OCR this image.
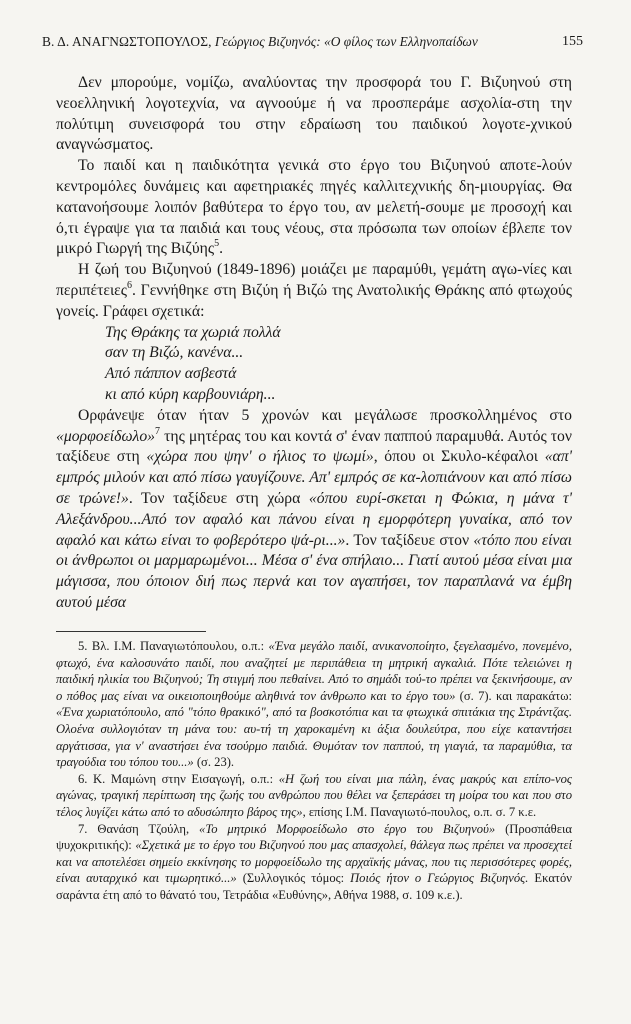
Β. Δ. ΑΝΑΓΝΩΣΤΟΠΟΥΛΟΣ, Γεώργιος Βιζυηνός: «Ο φίλος των Ελληνοπαίδων	155

Δεν μπορούμε, νομίζω, αναλύοντας την προσφορά του Γ. Βιζυηνού στη νεοελληνική λογοτεχνία, να αγνοούμε ή να προσπεράμε ασχολία-στη την πολύτιμη συνεισφορά του στην εδραίωση του παιδικού λογοτε-χνικού αναγνώσματος.

Το παιδί και η παιδικότητα γενικά στο έργο του Βιζυηνού αποτε-λούν κεντρομόλες δυνάμεις και αφετηριακές πηγές καλλιτεχνικής δη-μιουργίας. Θα κατανοήσουμε λοιπόν βαθύτερα το έργο του, αν μελετή-σουμε με προσοχή και ό,τι έγραψε για τα παιδιά και τους νέους, στα πρόσωπα των οποίων έβλεπε τον μικρό Γιωργή της Βιζύης$^5$.

Η ζωή του Βιζυηνού (1849-1896) μοιάζει με παραμύθι, γεμάτη αγω-νίες και περιπέτειες$^6$. Γεννήθηκε στη Βιζύη ή Βιζώ της Ανατολικής Θράκης από φτωχούς γονείς. Γράφει σχετικά:

Της Θράκης τα χωριά πολλά
σαν τη Βιζώ, κανένα...
Από πάππον ασβεστά
κι από κύρη καρβουνιάρη...

Ορφάνεψε όταν ήταν 5 χρονών και μεγάλωσε προσκολλημένος στο «μορφοείδωλο»$^7$ της μητέρας του και κοντά σ' έναν παππού παραμυθά. Αυτός τον ταξίδευε στη «χώρα που ψην' ο ήλιος το ψωμί», όπου οι Σκυλο-κέφαλοι «απ' εμπρός μιλούν και από πίσω γαυγίζουνε. Απ' εμπρός σε κα-λοπιάνουν και από πίσω σε τρώνε!». Τον ταξίδευε στη χώρα «όπου ευρί-σκεται η Φώκια, η μάνα τ' Αλεξάνδρου...Από τον αφαλό και πάνου είναι η εμορφότερη γυναίκα, από τον αφαλό και κάτω είναι το φοβερότερο ψά-ρι...». Τον ταξίδευε στον «τόπο που είναι οι άνθρωποι οι μαρμαρωμένοι... Μέσα σ' ένα σπήλαιο... Γιατί αυτού μέσα είναι μια μάγισσα, που όποιον διή πως περνά και τον αγαπήσει, τον παραπλανά να έμβη αυτού μέσα

5. Βλ. Ι.Μ. Παναγιωτόπουλου, ο.π.: «Ένα μεγάλο παιδί, ανικανοποίητο, ξεγελασμένο, πονεμένο, φτωχό, ένα καλοσυνάτο παιδί, που αναζητεί με περιπάθεια τη μητρική αγκαλιά. Πότε τελειώνει η παιδική ηλικία του Βιζυηνού; Τη στιγμή που πεθαίνει. Από το σημάδι τού-το πρέπει να ξεκινήσουμε, αν ο πόθος μας είναι να οικειοποιηθούμε αληθινά τον άνθρωπο και το έργο του» (σ. 7). και παρακάτω: «Ένα χωριατόπουλο, από "τόπο θρακικό", από τα βοσκοτόπια και τα φτωχικά σπιτάκια της Στράντζας. Ολοένα συλλογιόταν τη μάνα του: αυ-τή τη χαροκαμένη κι άξια δουλεύτρα, που είχε καταντήσει αργάτισσα, για ν' αναστήσει ένα τσούρμο παιδιά. Θυμόταν τον παππού, τη γιαγιά, τα παραμύθια, τα τραγούδια του τόπου του...» (σ. 23).

6. Κ. Μαμώνη στην Εισαγωγή, ο.π.: «Η ζωή του είναι μια πάλη, ένας μακρύς και επίπο-νος αγώνας, τραγική περίπτωση της ζωής του ανθρώπου που θέλει να ξεπεράσει τη μοίρα του και που στο τέλος λυγίζει κάτω από το αδυσώπητο βάρος της», επίσης Ι.Μ. Παναγιωτό-πουλος, ο.π. σ. 7 κ.ε.

7. Θανάση Τζούλη, «Το μητρικό Μορφοείδωλο στο έργο του Βιζυηνού» (Προσπάθεια ψυχοκριτικής): «Σχετικά με το έργο του Βιζυηνού που μας απασχολεί, θάλεγα πως πρέπει να προσεχτεί και να αποτελέσει σημείο εκκίνησης το μορφοείδωλο της αρχαϊκής μάνας, που τις περισσότερες φορές, είναι αυταρχικό και τιμωρητικό...» (Συλλογικός τόμος: Ποιός ήτον ο Γεώργιος Βιζυηνός. Εκατόν σαράντα έτη από το θάνατό του, Τετράδια «Ευθύνης», Αθήνα 1988, σ. 109 κ.ε.).
